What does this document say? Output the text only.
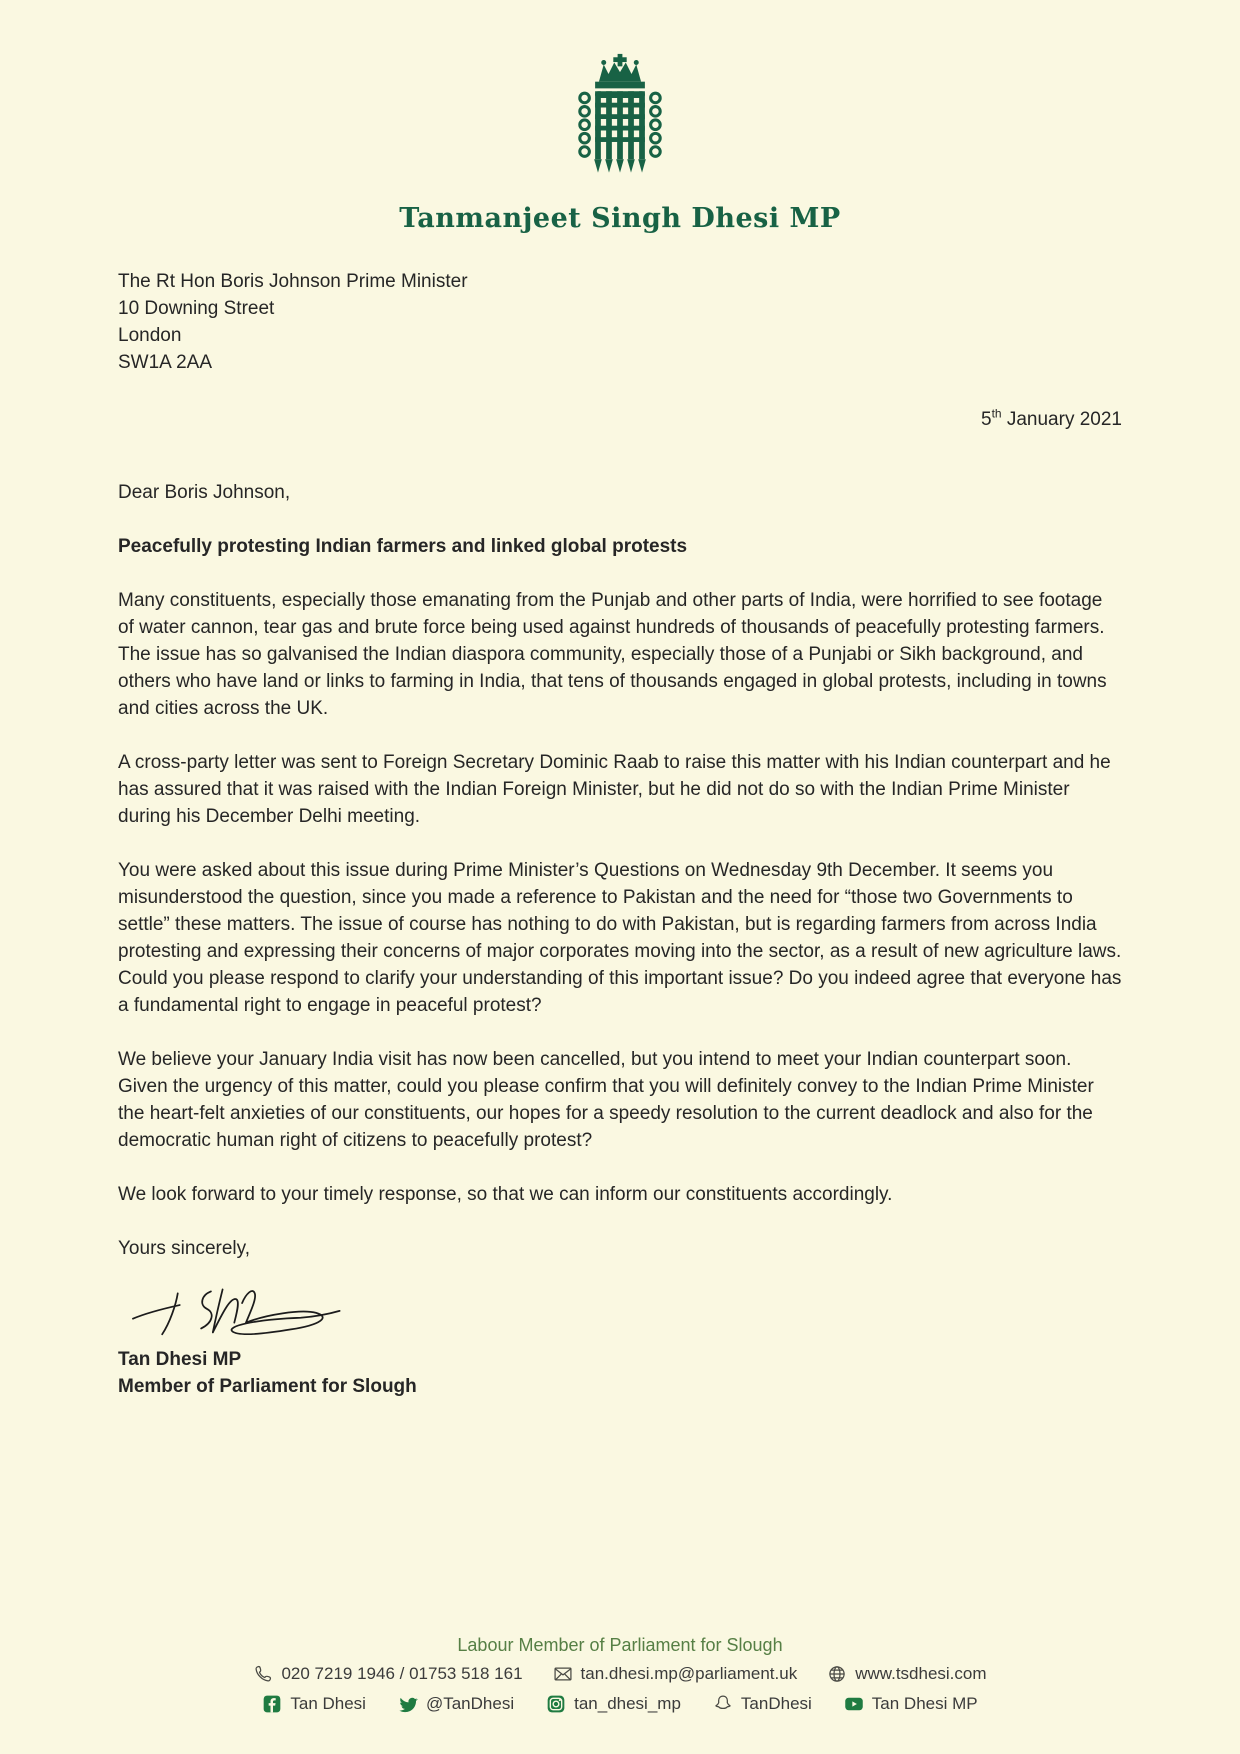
Tanmanjeet Singh Dhesi MP
The Rt Hon Boris Johnson Prime Minister
10 Downing Street
London
SW1A 2AA
5th January 2021
Dear Boris Johnson,
Peacefully protesting Indian farmers and linked global protests

Many constituents, especially those emanating from the Punjab and other parts of India, were horrified to see footage of water cannon, tear gas and brute force being used against hundreds of thousands of peacefully protesting farmers. The issue has so galvanised the Indian diaspora community, especially those of a Punjabi or Sikh background, and others who have land or links to farming in India, that tens of thousands engaged in global protests, including in towns and cities across the UK.

A cross-party letter was sent to Foreign Secretary Dominic Raab to raise this matter with his Indian counterpart and he has assured that it was raised with the Indian Foreign Minister, but he did not do so with the Indian Prime Minister during his December Delhi meeting.

You were asked about this issue during Prime Minister’s Questions on Wednesday 9th December. It seems you misunderstood the question, since you made a reference to Pakistan and the need for “those two Governments to settle” these matters. The issue of course has nothing to do with Pakistan, but is regarding farmers from across India protesting and expressing their concerns of major corporates moving into the sector, as a result of new agriculture laws. Could you please respond to clarify your understanding of this important issue? Do you indeed agree that everyone has a fundamental right to engage in peaceful protest?

We believe your January India visit has now been cancelled, but you intend to meet your Indian counterpart soon. Given the urgency of this matter, could you please confirm that you will definitely convey to the Indian Prime Minister the heart-felt anxieties of our constituents, our hopes for a speedy resolution to the current deadlock and also for the democratic human right of citizens to peacefully protest?

We look forward to your timely response, so that we can inform our constituents accordingly.

Yours sincerely,
Tan Dhesi MP
Member of Parliament for Slough
Labour Member of Parliament for Slough
020 7219 1946 / 01753 518 161	tan.dhesi.mp@parliament.uk	www.tsdhesi.com
Tan Dhesi	@TanDhesi	tan_dhesi_mp	TanDhesi	Tan Dhesi MP
